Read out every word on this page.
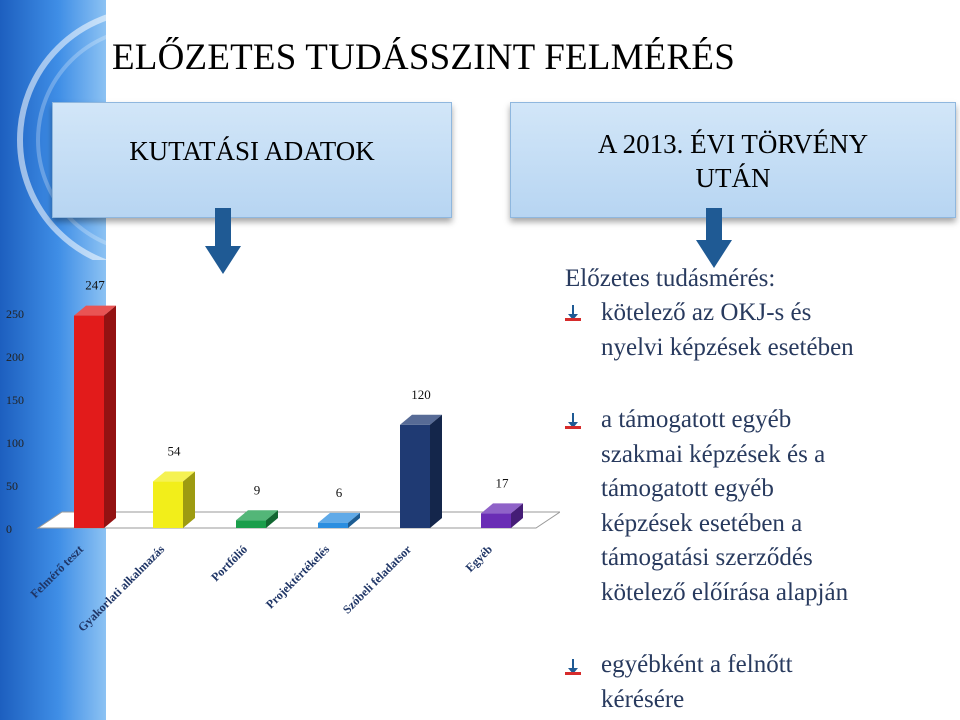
ELŐZETES TUDÁSSZINT FELMÉRÉS
KUTATÁSI ADATOK	A 2013. ÉVI TÖRVÉNY
UTÁN
Előzetes tudásmérés:
kötelező az OKJ-s és
nyelvi képzések esetében
a támogatott egyéb
szakmai képzések és a
támogatott egyéb
képzések esetében a
támogatási szerződés
kötelező előírása alapján
egyébként a felnőtt
kérésére
0
50
100
150
200
250
247
54
9	6
120
17
Felmérő teszt
Gyakorlati alkalmazás	Portfólió Projektértékelés Szóbeli feladatsor	Egyéb
